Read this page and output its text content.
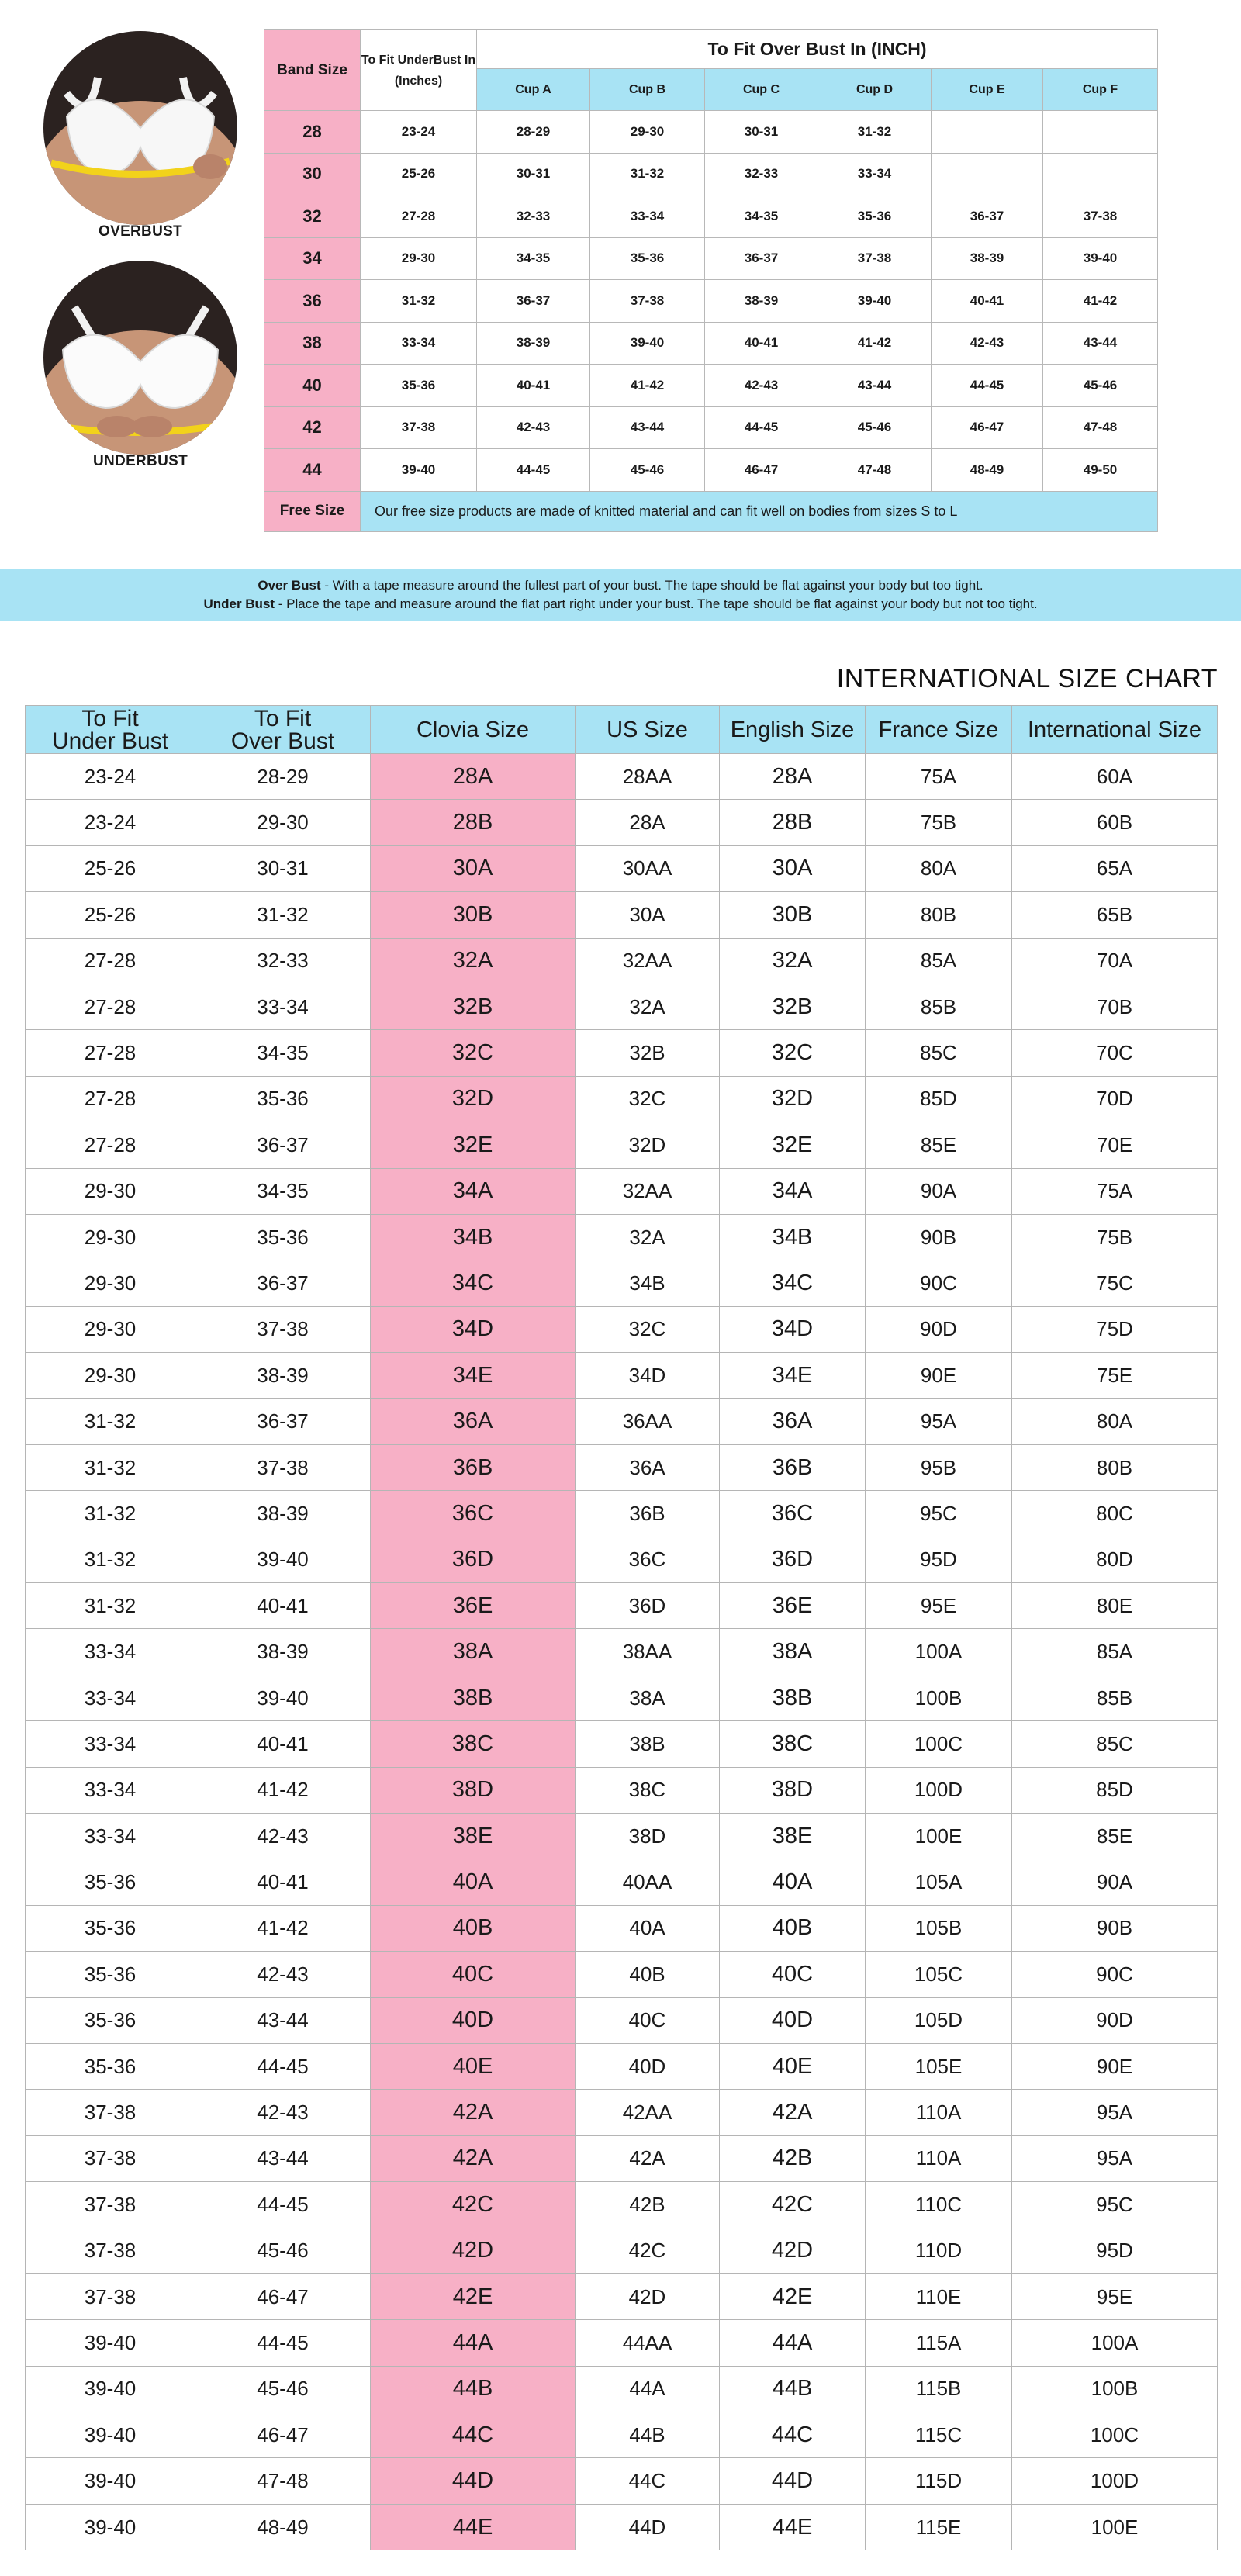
OVERBUST
UNDERBUST
Band Size	To Fit UnderBust In (Inches)	To Fit Over Bust In (INCH)					
		Cup A	Cup B	Cup C	Cup D	Cup E	Cup F
28	23-24	28-29	29-30	30-31	31-32		
30	25-26	30-31	31-32	32-33	33-34		
32	27-28	32-33	33-34	34-35	35-36	36-37	37-38
34	29-30	34-35	35-36	36-37	37-38	38-39	39-40
36	31-32	36-37	37-38	38-39	39-40	40-41	41-42
38	33-34	38-39	39-40	40-41	41-42	42-43	43-44
40	35-36	40-41	41-42	42-43	43-44	44-45	45-46
42	37-38	42-43	43-44	44-45	45-46	46-47	47-48
44	39-40	44-45	45-46	46-47	47-48	48-49	49-50
Free Size	Our free size products are made of knitted material and can fit well on bodies from sizes S to L						
Over Bust - With a tape measure around the fullest part of your bust. The tape should be flat against your body but too tight.
Under Bust - Place the tape and measure around the flat part right under your bust. The tape should be flat against your body but not too tight.
INTERNATIONAL SIZE CHART
To Fit
Under Bust	To Fit
Over Bust	Clovia Size	US Size	English Size	France Size	International Size
23-24	28-29	28A	28AA	28A	75A	60A
23-24	29-30	28B	28A	28B	75B	60B
25-26	30-31	30A	30AA	30A	80A	65A
25-26	31-32	30B	30A	30B	80B	65B
27-28	32-33	32A	32AA	32A	85A	70A
27-28	33-34	32B	32A	32B	85B	70B
27-28	34-35	32C	32B	32C	85C	70C
27-28	35-36	32D	32C	32D	85D	70D
27-28	36-37	32E	32D	32E	85E	70E
29-30	34-35	34A	32AA	34A	90A	75A
29-30	35-36	34B	32A	34B	90B	75B
29-30	36-37	34C	34B	34C	90C	75C
29-30	37-38	34D	32C	34D	90D	75D
29-30	38-39	34E	34D	34E	90E	75E
31-32	36-37	36A	36AA	36A	95A	80A
31-32	37-38	36B	36A	36B	95B	80B
31-32	38-39	36C	36B	36C	95C	80C
31-32	39-40	36D	36C	36D	95D	80D
31-32	40-41	36E	36D	36E	95E	80E
33-34	38-39	38A	38AA	38A	100A	85A
33-34	39-40	38B	38A	38B	100B	85B
33-34	40-41	38C	38B	38C	100C	85C
33-34	41-42	38D	38C	38D	100D	85D
33-34	42-43	38E	38D	38E	100E	85E
35-36	40-41	40A	40AA	40A	105A	90A
35-36	41-42	40B	40A	40B	105B	90B
35-36	42-43	40C	40B	40C	105C	90C
35-36	43-44	40D	40C	40D	105D	90D
35-36	44-45	40E	40D	40E	105E	90E
37-38	42-43	42A	42AA	42A	110A	95A
37-38	43-44	42A	42A	42B	110A	95A
37-38	44-45	42C	42B	42C	110C	95C
37-38	45-46	42D	42C	42D	110D	95D
37-38	46-47	42E	42D	42E	110E	95E
39-40	44-45	44A	44AA	44A	115A	100A
39-40	45-46	44B	44A	44B	115B	100B
39-40	46-47	44C	44B	44C	115C	100C
39-40	47-48	44D	44C	44D	115D	100D
39-40	48-49	44E	44D	44E	115E	100E
